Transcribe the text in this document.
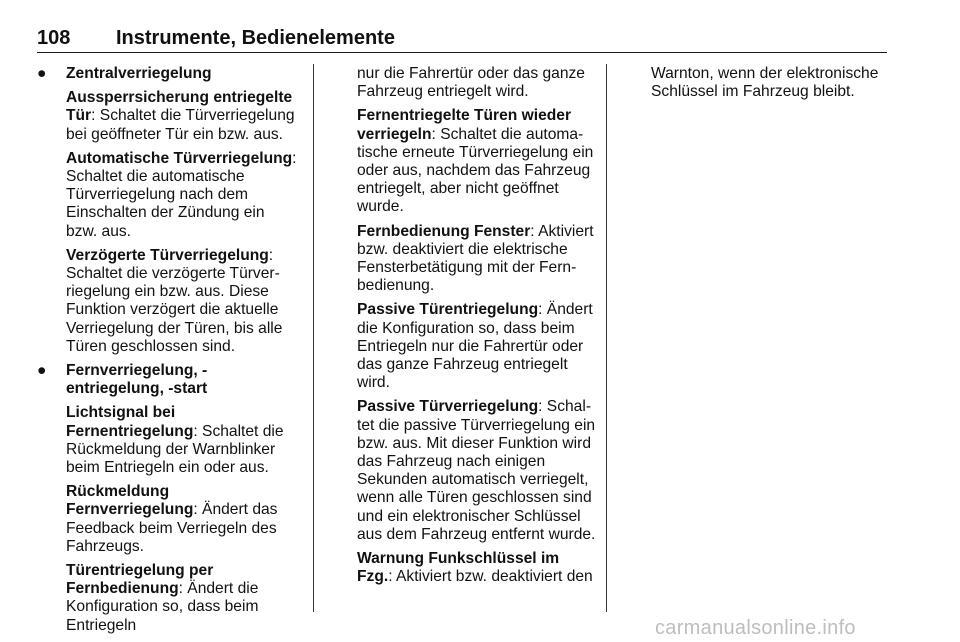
108 Instrumente, Bedienelemente
● Zentralverriegelung

Aussperrsicherung entriegelte Tür: Schaltet die Türverriegelung bei geöffneter Tür ein bzw. aus.

Automatische Türverriegelung: Schaltet die automatische Türverriegelung nach dem Einschalten der Zündung ein bzw. aus.

Verzögerte Türverriegelung: Schaltet die verzögerte Türverriegelung ein bzw. aus. Diese Funktion verzögert die aktuelle Verriegelung der Türen, bis alle Türen geschlossen sind.

● Fernverriegelung, -entriegelung, -start

Lichtsignal bei Fernentriegelung: Schaltet die Rückmeldung der Warnblinker beim Entriegeln ein oder aus.

Rückmeldung Fernverriegelung: Ändert das Feedback beim Verriegeln des Fahrzeugs.

Türentriegelung per Fernbedienung: Ändert die Konfiguration so, dass beim Entriegeln

nur die Fahrertür oder das ganze Fahrzeug entriegelt wird.

Fernentriegelte Türen wieder verriegeln: Schaltet die automatische erneute Türverriegelung ein oder aus, nachdem das Fahrzeug entriegelt, aber nicht geöffnet wurde.

Fernbedienung Fenster: Aktiviert bzw. deaktiviert die elektrische Fensterbetätigung mit der Fernbedienung.

Passive Türentriegelung: Ändert die Konfiguration so, dass beim Entriegeln nur die Fahrertür oder das ganze Fahrzeug entriegelt wird.

Passive Türverriegelung: Schaltet die passive Türverriegelung ein bzw. aus. Mit dieser Funktion wird das Fahrzeug nach einigen Sekunden automatisch verriegelt, wenn alle Türen geschlossen sind und ein elektronischer Schlüssel aus dem Fahrzeug entfernt wurde.

Warnung Funkschlüssel im Fzg.: Aktiviert bzw. deaktiviert den

Warnton, wenn der elektronische Schlüssel im Fahrzeug bleibt.

carmanualsonline.info
